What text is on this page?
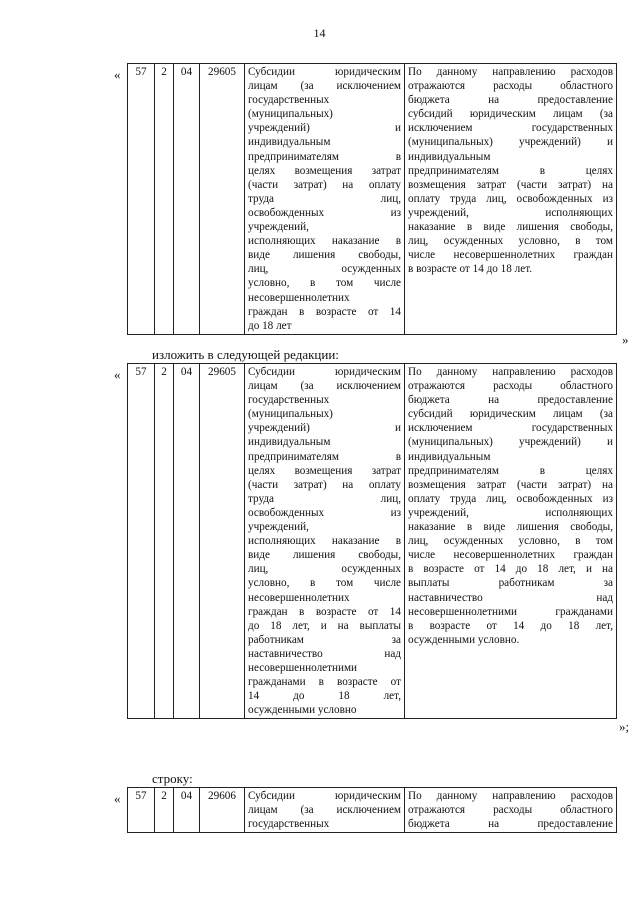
14
« 57	2	04	29605	Субсидии юридическим
лицам (за исключением
государственных
(муниципальных)
учреждений) и
индивидуальным
предпринимателям в
целях возмещения затрат
(части затрат) на оплату
труда лиц,
освобожденных из
учреждений,
исполняющих наказание в
виде лишения свободы,
лиц, осужденных
условно, в том числе
несовершеннолетних
граждан в возрасте от 14
до 18 лет

По данному направлению расходов
отражаются расходы областного
бюджета на предоставление
субсидий юридическим лицам (за
исключением государственных
(муниципальных) учреждений) и
индивидуальным
предпринимателям в целях
возмещения затрат (части затрат) на
оплату труда лиц, освобожденных из
учреждений, исполняющих
наказание в виде лишения свободы,
лиц, осужденных условно, в том
числе несовершеннолетних граждан
в возрасте от 14 до 18 лет.
»
изложить в следующей редакции:
« 57	2	04	29605	Субсидии юридическим
лицам (за исключением
государственных
(муниципальных)
учреждений) и
индивидуальным
предпринимателям в
целях возмещения затрат
(части затрат) на оплату
труда лиц,
освобожденных из
учреждений,
исполняющих наказание в
виде лишения свободы,
лиц, осужденных
условно, в том числе
несовершеннолетних
граждан в возрасте от 14
до 18 лет, и на выплаты
работникам за
наставничество над
несовершеннолетними
гражданами в возрасте от
14 до 18 лет,
осужденными условно

По данному направлению расходов
отражаются расходы областного
бюджета на предоставление
субсидий юридическим лицам (за
исключением государственных
(муниципальных) учреждений) и
индивидуальным
предпринимателям в целях
возмещения затрат (части затрат) на
оплату труда лиц, освобожденных из
учреждений, исполняющих
наказание в виде лишения свободы,
лиц, осужденных условно, в том
числе несовершеннолетних граждан
в возрасте от 14 до 18 лет, и на
выплаты работникам за
наставничество над
несовершеннолетними гражданами
в возрасте от 14 до 18 лет,
осужденными условно.
»;
строку:
« 57	2	04	29606	Субсидии юридическим
лицам (за исключением
государственных

По данному направлению расходов
отражаются расходы областного
бюджета на предоставление
